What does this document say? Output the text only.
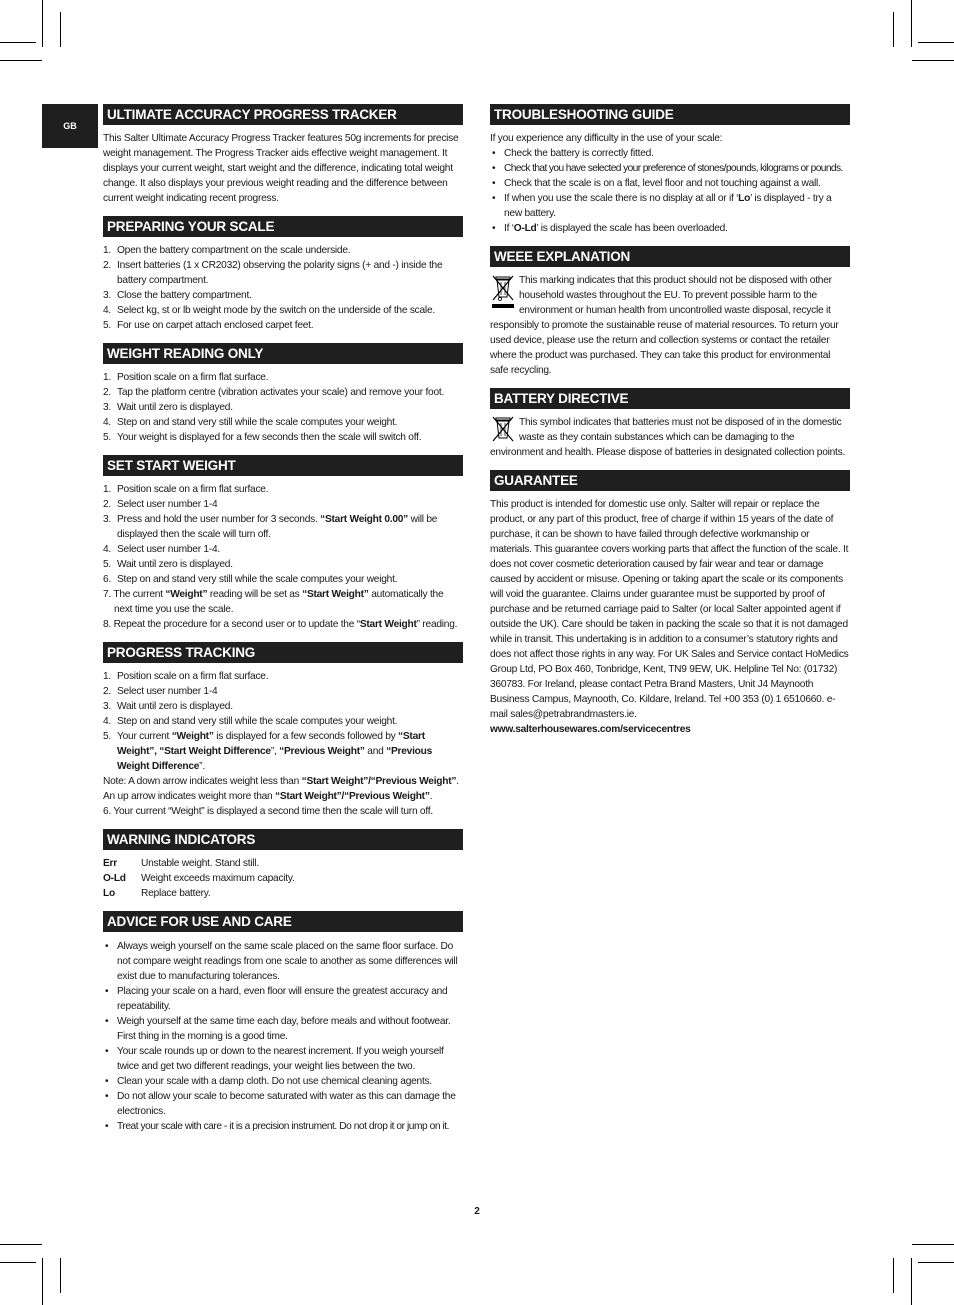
GB
ULTIMATE ACCURACY PROGRESS TRACKER

This Salter Ultimate Accuracy Progress Tracker features 50g increments for precise weight management. The Progress Tracker aids effective weight management. It displays your current weight, start weight and the difference, indicating total weight change. It also displays your previous weight reading and the difference between current weight indicating recent progress.

PREPARING YOUR SCALE
1. Open the battery compartment on the scale underside.
2. Insert batteries (1 x CR2032) observing the polarity signs (+ and -) inside the battery compartment.
3. Close the battery compartment.
4. Select kg, st or lb weight mode by the switch on the underside of the scale.
5. For use on carpet attach enclosed carpet feet.
WEIGHT READING ONLY
1. Position scale on a firm flat surface.
2. Tap the platform centre (vibration activates your scale) and remove your foot.
3. Wait until zero is displayed.
4. Step on and stand very still while the scale computes your weight.
5. Your weight is displayed for a few seconds then the scale will switch off.
SET START WEIGHT
1. Position scale on a firm flat surface.
2. Select user number 1-4
3. Press and hold the user number for 3 seconds. “Start Weight 0.00” will be displayed then the scale will turn off.
4. Select user number 1-4.
5. Wait until zero is displayed.
6. Step on and stand very still while the scale computes your weight.
7. The current “Weight” reading will be set as “Start Weight” automatically the next time you use the scale.
8. Repeat the procedure for a second user or to update the “Start Weight” reading.
PROGRESS TRACKING
1. Position scale on a firm flat surface.
2. Select user number 1-4
3. Wait until zero is displayed.
4. Step on and stand very still while the scale computes your weight.
5. Your current “Weight” is displayed for a few seconds followed by “Start Weight”, “Start Weight Difference”, “Previous Weight” and “Previous Weight Difference”.

Note: A down arrow indicates weight less than “Start Weight”/“Previous Weight”. An up arrow indicates weight more than “Start Weight”/“Previous Weight”.

6. Your current “Weight” is displayed a second time then the scale will turn off.

WARNING INDICATORS
Err	Unstable weight. Stand still.
O-Ld	Weight exceeds maximum capacity.
Lo	Replace battery.
ADVICE FOR USE AND CARE
• Always weigh yourself on the same scale placed on the same floor surface. Do not compare weight readings from one scale to another as some differences will exist due to manufacturing tolerances.
• Placing your scale on a hard, even floor will ensure the greatest accuracy and repeatability.
• Weigh yourself at the same time each day, before meals and without footwear. First thing in the morning is a good time.
• Your scale rounds up or down to the nearest increment. If you weigh yourself twice and get two different readings, your weight lies between the two.
• Clean your scale with a damp cloth. Do not use chemical cleaning agents.
• Do not allow your scale to become saturated with water as this can damage the electronics.
• Treat your scale with care - it is a precision instrument. Do not drop it or jump on it.
TROUBLESHOOTING GUIDE

If you experience any difficulty in the use of your scale:

• Check the battery is correctly fitted.
• Check that you have selected your preference of stones/pounds, kilograms or pounds.
• Check that the scale is on a flat, level floor and not touching against a wall.
• If when you use the scale there is no display at all or if ‘Lo’ is displayed - try a new battery.
• If ‘O-Ld’ is displayed the scale has been overloaded.
WEEE EXPLANATION

This marking indicates that this product should not be disposed with other household wastes throughout the EU. To prevent possible harm to the environment or human health from uncontrolled waste disposal, recycle it responsibly to promote the sustainable reuse of material resources. To return your used device, please use the return and collection systems or contact the retailer where the product was purchased. They can take this product for environmental safe recycling.

BATTERY DIRECTIVE

This symbol indicates that batteries must not be disposed of in the domestic waste as they contain substances which can be damaging to the environment and health. Please dispose of batteries in designated collection points.

GUARANTEE

This product is intended for domestic use only. Salter will repair or replace the product, or any part of this product, free of charge if within 15 years of the date of purchase, it can be shown to have failed through defective workmanship or materials. This guarantee covers working parts that affect the function of the scale. It does not cover cosmetic deterioration caused by fair wear and tear or damage caused by accident or misuse. Opening or taking apart the scale or its components will void the guarantee. Claims under guarantee must be supported by proof of purchase and be returned carriage paid to Salter (or local Salter appointed agent if outside the UK). Care should be taken in packing the scale so that it is not damaged while in transit. This undertaking is in addition to a consumer’s statutory rights and does not affect those rights in any way. For UK Sales and Service contact HoMedics Group Ltd, PO Box 460, Tonbridge, Kent, TN9 9EW, UK. Helpline Tel No: (01732) 360783. For Ireland, please contact Petra Brand Masters, Unit J4 Maynooth Business Campus, Maynooth, Co. Kildare, Ireland. Tel +00 353 (0) 1 6510660. e-mail sales@petrabrandmasters.ie.

www.salterhousewares.com/servicecentres

2
